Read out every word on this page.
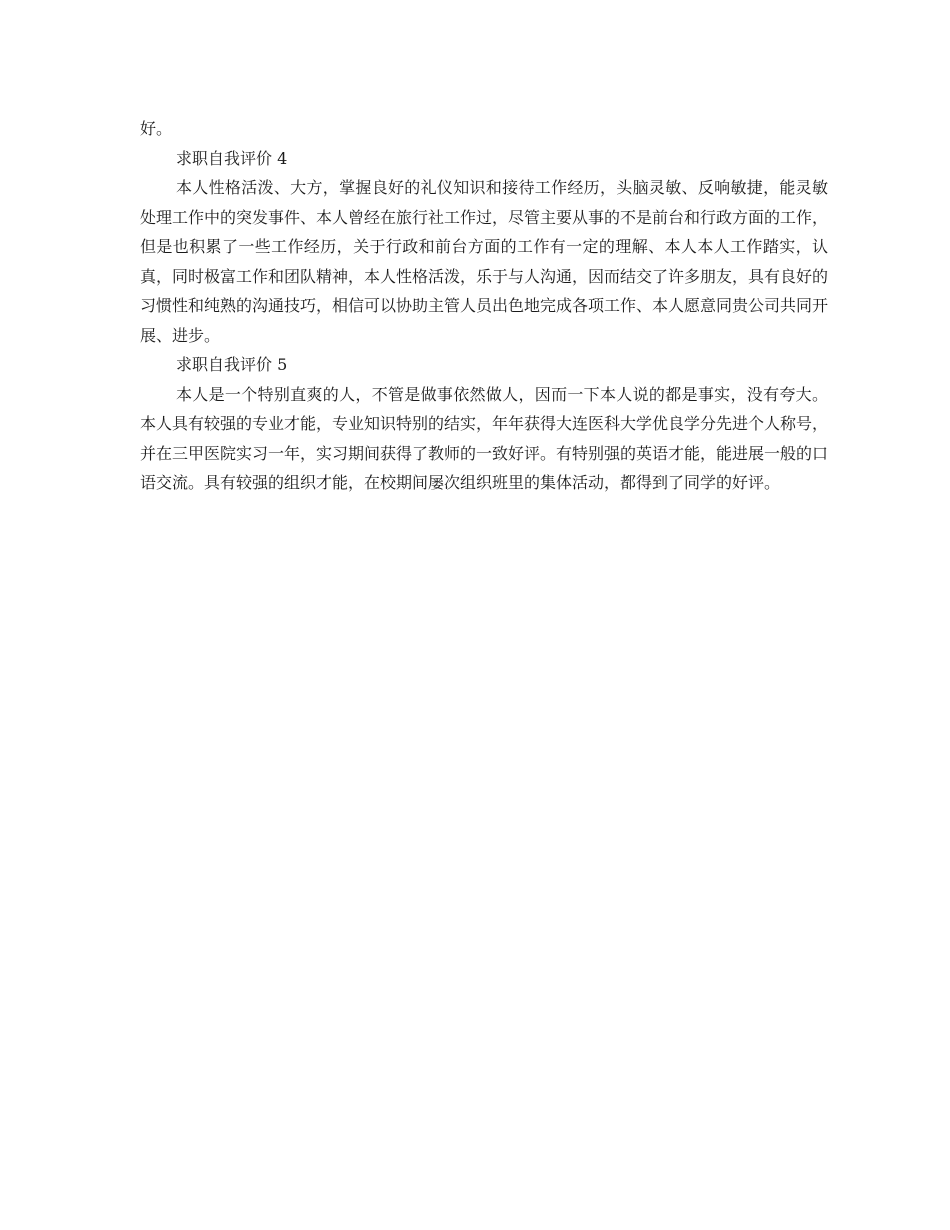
好。

求职自我评价 4

本人性格活泼、大方，掌握良好的礼仪知识和接待工作经历，头脑灵敏、反响敏捷，能灵敏处理工作中的突发事件、本人曾经在旅行社工作过，尽管主要从事的不是前台和行政方面的工作，但是也积累了一些工作经历，关于行政和前台方面的工作有一定的理解、本人本人工作踏实，认真，同时极富工作和团队精神，本人性格活泼，乐于与人沟通，因而结交了许多朋友，具有良好的习惯性和纯熟的沟通技巧，相信可以协助主管人员出色地完成各项工作、本人愿意同贵公司共同开展、进步。

求职自我评价 5

本人是一个特别直爽的人，不管是做事依然做人，因而一下本人说的都是事实，没有夸大。本人具有较强的专业才能，专业知识特别的结实，年年获得大连医科大学优良学分先进个人称号，并在三甲医院实习一年，实习期间获得了教师的一致好评。有特别强的英语才能，能进展一般的口语交流。具有较强的组织才能，在校期间屡次组织班里的集体活动，都得到了同学的好评。
